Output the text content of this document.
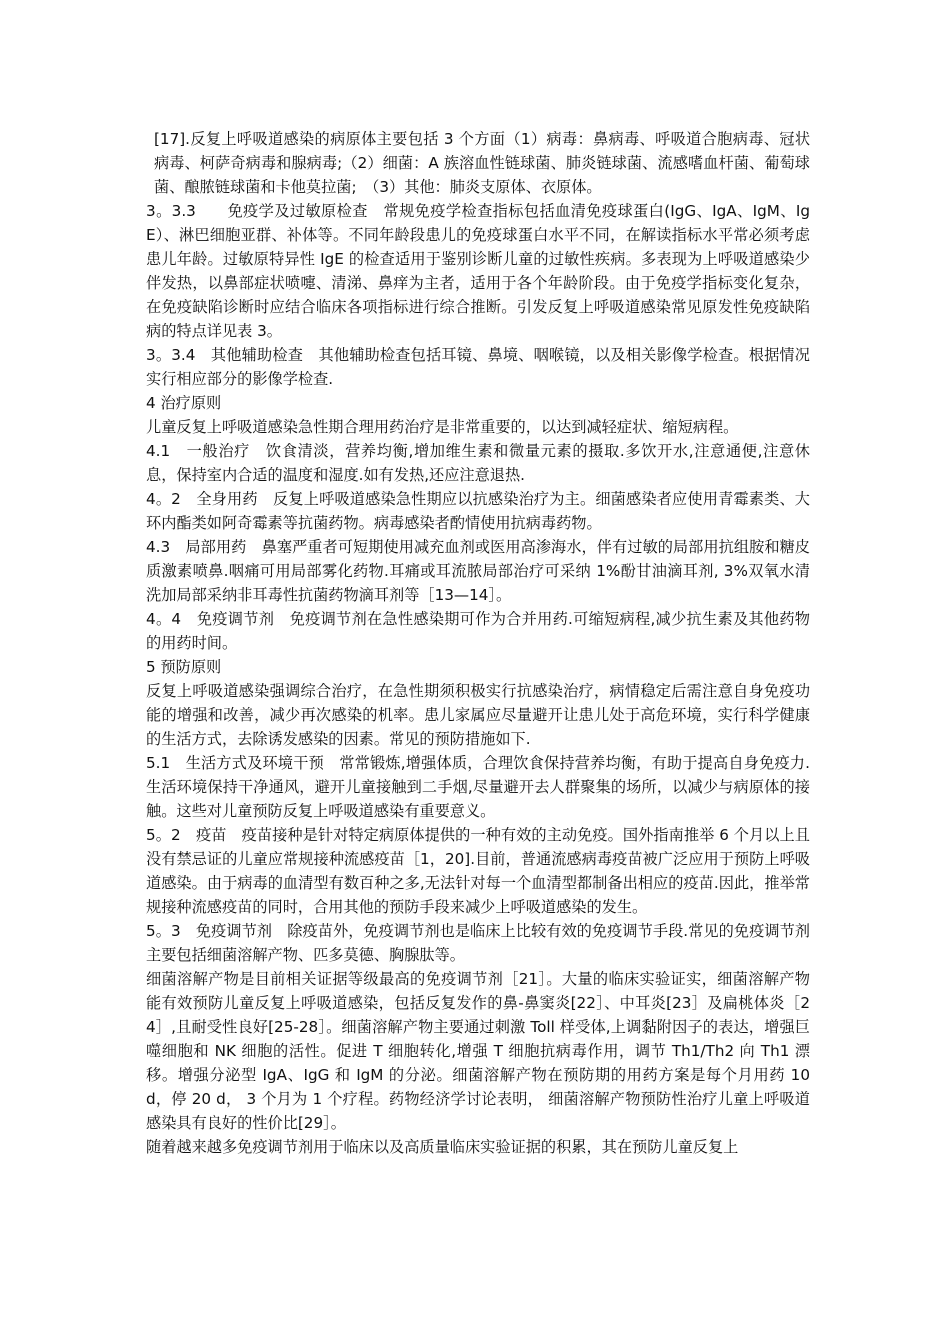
[17].反复上呼吸道感染的病原体主要包括 3 个方面（1）病毒：鼻病毒、呼吸道合胞病毒、冠状病毒、柯萨奇病毒和腺病毒;（2）细菌：A 族溶血性链球菌、肺炎链球菌、流感嗜血杆菌、葡萄球菌、酿脓链球菌和卡他莫拉菌;　（3）其他：肺炎支原体、衣原体。

3。3.3　　免疫学及过敏原检查　常规免疫学检查指标包括血清免疫球蛋白(IgG、IgA、IgM、IgE）、淋巴细胞亚群、补体等。不同年龄段患儿的免疫球蛋白水平不同，在解读指标水平常必须考虑患儿年龄。过敏原特异性 IgE 的检查适用于鉴别诊断儿童的过敏性疾病。多表现为上呼吸道感染少伴发热，以鼻部症状喷嚏、清涕、鼻痒为主者，适用于各个年龄阶段。由于免疫学指标变化复杂，在免疫缺陷诊断时应结合临床各项指标进行综合推断。引发反复上呼吸道感染常见原发性免疫缺陷病的特点详见表 3。

3。3.4　其他辅助检查　其他辅助检查包括耳镜、鼻境、咽喉镜，以及相关影像学检查。根据情况实行相应部分的影像学检查.

4 治疗原则

儿童反复上呼吸道感染急性期合理用药治疗是非常重要的，以达到减轻症状、缩短病程。

4.1　一般治疗　饮食清淡，营养均衡,增加维生素和微量元素的摄取.多饮开水,注意通便,注意休息，保持室内合适的温度和湿度.如有发热,还应注意退热.

4。2　全身用药　反复上呼吸道感染急性期应以抗感染治疗为主。细菌感染者应使用青霉素类、大环内酯类如阿奇霉素等抗菌药物。病毒感染者酌情使用抗病毒药物。

4.3　局部用药　鼻塞严重者可短期使用减充血剂或医用高渗海水，伴有过敏的局部用抗组胺和糖皮质激素喷鼻.咽痛可用局部雾化药物.耳痛或耳流脓局部治疗可采纳 1%酚甘油滴耳剂, 3%双氧水清洗加局部采纳非耳毒性抗菌药物滴耳剂等［13—14］。

4。4　免疫调节剂　免疫调节剂在急性感染期可作为合并用药.可缩短病程,减少抗生素及其他药物的用药时间。

5 预防原则

反复上呼吸道感染强调综合治疗，在急性期须积极实行抗感染治疗，病情稳定后需注意自身免疫功能的增强和改善，减少再次感染的机率。患儿家属应尽量避开让患儿处于高危环境，实行科学健康的生活方式，去除诱发感染的因素。常见的预防措施如下.

5.1　生活方式及环境干预　常常锻炼,增强体质，合理饮食保持营养均衡，有助于提高自身免疫力.生活环境保持干净通风，避开儿童接触到二手烟,尽量避开去人群聚集的场所，以减少与病原体的接触。这些对儿童预防反复上呼吸道感染有重要意义。

5。2　疫苗　疫苗接种是针对特定病原体提供的一种有效的主动免疫。国外指南推举 6 个月以上且没有禁忌证的儿童应常规接种流感疫苗［1，20].目前，普通流感病毒疫苗被广泛应用于预防上呼吸道感染。由于病毒的血清型有数百种之多,无法针对每一个血清型都制备出相应的疫苗.因此，推举常规接种流感疫苗的同时，合用其他的预防手段来减少上呼吸道感染的发生。

5。3　免疫调节剂　除疫苗外，免疫调节剂也是临床上比较有效的免疫调节手段.常见的免疫调节剂主要包括细菌溶解产物、匹多莫德、胸腺肽等。

细菌溶解产物是目前相关证据等级最高的免疫调节剂［21］。大量的临床实验证实，细菌溶解产物能有效预防儿童反复上呼吸道感染，包括反复发作的鼻-鼻窦炎[22］、中耳炎[23］及扁桃体炎［24］,且耐受性良好[25-28］。细菌溶解产物主要通过刺激 Toll 样受体,上调黏附因子的表达，增强巨噬细胞和 NK 细胞的活性。促进 T 细胞转化,增强 T 细胞抗病毒作用，调节 Th1/Th2 向 Th1 漂移。增强分泌型 IgA、IgG 和 IgM 的分泌。细菌溶解产物在预防期的用药方案是每个月用药 10 d，停 20 d， 3 个月为 1 个疗程。药物经济学讨论表明， 细菌溶解产物预防性治疗儿童上呼吸道感染具有良好的性价比[29］。

随着越来越多免疫调节剂用于临床以及高质量临床实验证据的积累，其在预防儿童反复上
